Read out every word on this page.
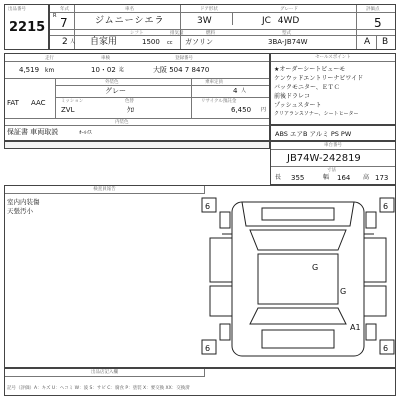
出品番号
2215
年式	車名	ドア形状	グレード	評価点
R 7	ジムニーシエラ	3W	JC 4WD	5
シフト	排気量	燃料	型式
2 人 自家用	1500 cc ガソリン	3BA-JB74W	A B
走行	車検	登録番号
4,519 km	10・02 迄	大阪 504 7 8470
外装色	乗車定員
グレー	4 人
FAT AAC	ミッション	色替	リサイクル預託金
ZVL	ｸﾛ	6,450 円
内装色
保証書 車両取説	ｵｰﾙｲｽ
セールスポイント
★オーダーシートビューモ
ケンウッドエントリーナビワイド
バックモニター、ＥＴＣ
前後ドラレコ
プッシュスタート
クリアランスソナー、シートヒーター
ABS エアB アルミ PS PW
車台番号
JB74W-242819
寸法
長 355	幅 164 高 173
検査員報告
室内内装傷
天張汚小
G
G
A1
6	6
6	6
出品店記入欄
記号（評価）A：キズ U：ヘコミ W：波 S：サビ C：腐食 P：塗装 X：要交換 XX：交換済
